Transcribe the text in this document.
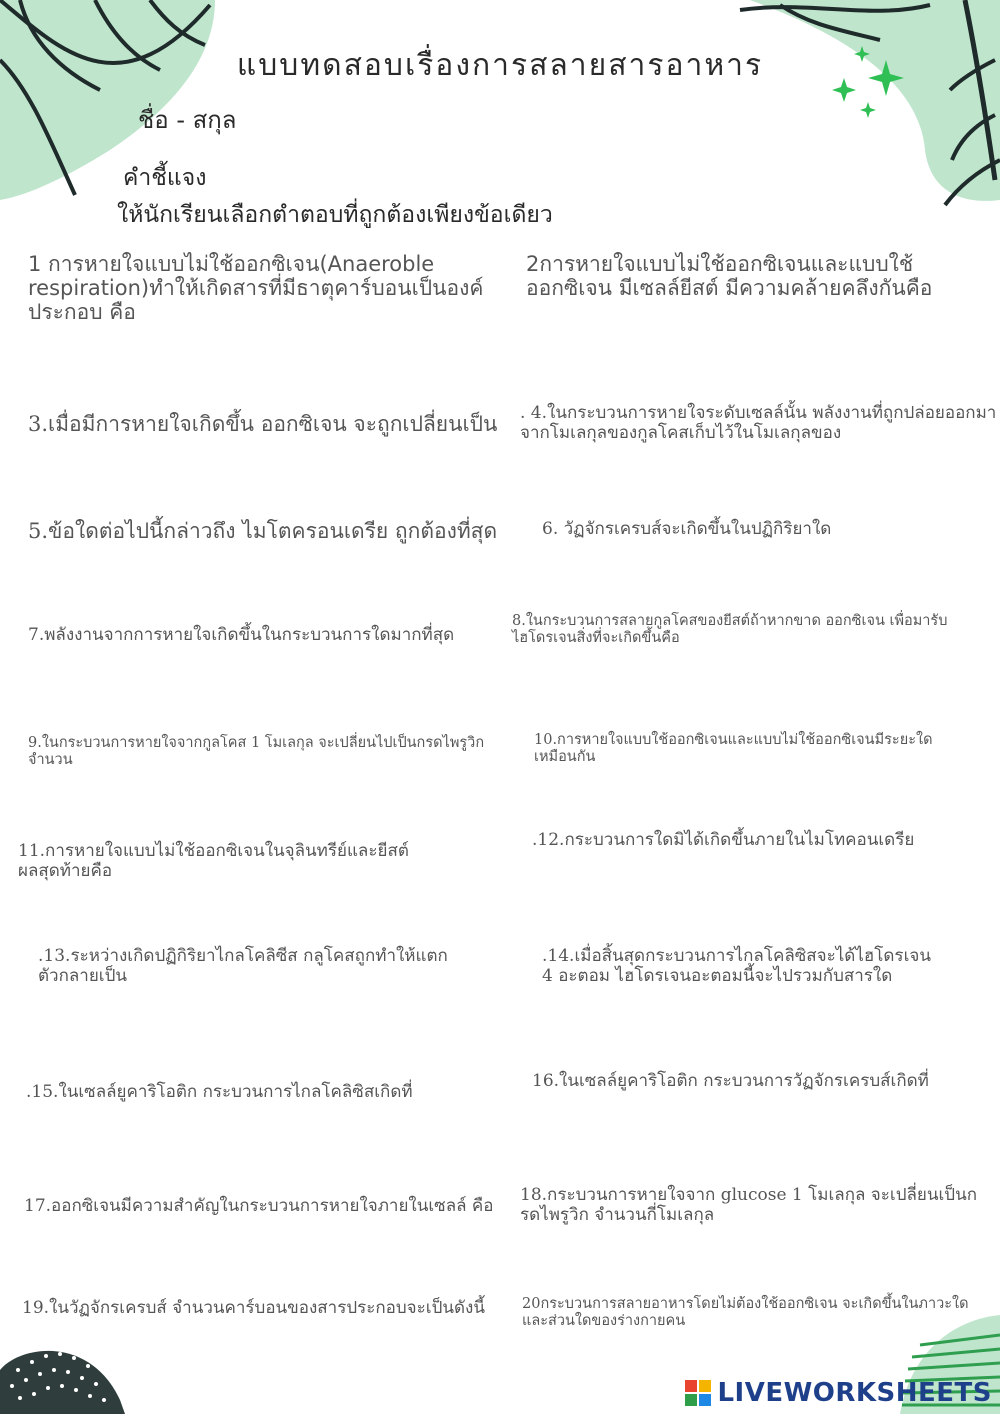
แบบทดสอบเรื่องการสลายสารอาหาร
ชื่อ - สกุล
คำชี้แจง
ให้นักเรียนเลือกตำตอบที่ถูกต้องเพียงข้อเดียว
1 การหายใจแบบไม่ใช้ออกซิเจน(Anaeroble respiration)ทำให้เกิดสารที่มีธาตุคาร์บอนเป็นองค์ประกอบ คือ
2การหายใจแบบไม่ใช้ออกซิเจนและแบบใช้ออกซิเจน มีเซลล์ยีสต์ มีความคล้ายคลึงกันคือ
3.เมื่อมีการหายใจเกิดขึ้น ออกซิเจน จะถูกเปลี่ยนเป็น . 4.ในกระบวนการหายใจระดับเซลล์นั้น พลังงานที่ถูกปล่อยออกมาจากโมเลกุลของกูลโคสเก็บไว้ในโมเลกุลของ
5.ข้อใดต่อไปนี้กล่าวถึง ไมโตครอนเดรีย ถูกต้องที่สุด	6. วัฏจักรเครบส์จะเกิดขึ้นในปฏิกิริยาใด
7.พลังงานจากการหายใจเกิดขึ้นในกระบวนการใดมากที่สุด
8.ในกระบวนการสลายกูลโคสของยีสต์ถ้าหากขาด ออกซิเจน เพื่อมารับไฮโดรเจนสิ่งที่จะเกิดขึ้นคือ
9.ในกระบวนการหายใจจากกูลโคส 1 โมเลกุล จะเปลี่ยนไปเป็นกรดไพรูวิก จำนวน
10.การหายใจแบบใช้ออกซิเจนและแบบไม่ใช้ออกซิเจนมีระยะใดเหมือนกัน
11.การหายใจแบบไม่ใช้ออกซิเจนในจุลินทรีย์และยีสต์ ผลสุดท้ายคือ
.12.กระบวนการใดมิได้เกิดขึ้นภายในไมโทคอนเดรีย
.13.ระหว่างเกิดปฏิกิริยาไกลโคลิซีส กลูโคสถูกทำให้แตกตัวกลายเป็น
.14.เมื่อสิ้นสุดกระบวนการไกลโคลิซิสจะได้ไฮโดรเจน 4 อะตอม ไฮโดรเจนอะตอมนี้จะไปรวมกับสารใด
.15.ในเซลล์ยูคาริโอติก กระบวนการไกลโคลิซิสเกิดที่
16.ในเซลล์ยูคาริโอติก กระบวนการวัฏจักรเครบส์เกิดที่
17.ออกซิเจนมีความสำคัญในกระบวนการหายใจภายในเซลล์ คือ
18.กระบวนการหายใจจาก glucose 1 โมเลกุล จะเปลี่ยนเป็นกรดไพรูวิก จำนวนกี่โมเลกุล
19.ในวัฏจักรเครบส์ จำนวนคาร์บอนของสารประกอบจะเป็นดังนี้	20กระบวนการสลายอาหารโดยไม่ต้องใช้ออกซิเจน จะเกิดขึ้นในภาวะใดและส่วนใดของร่างกายคน
LIVEWORKSHEETS
